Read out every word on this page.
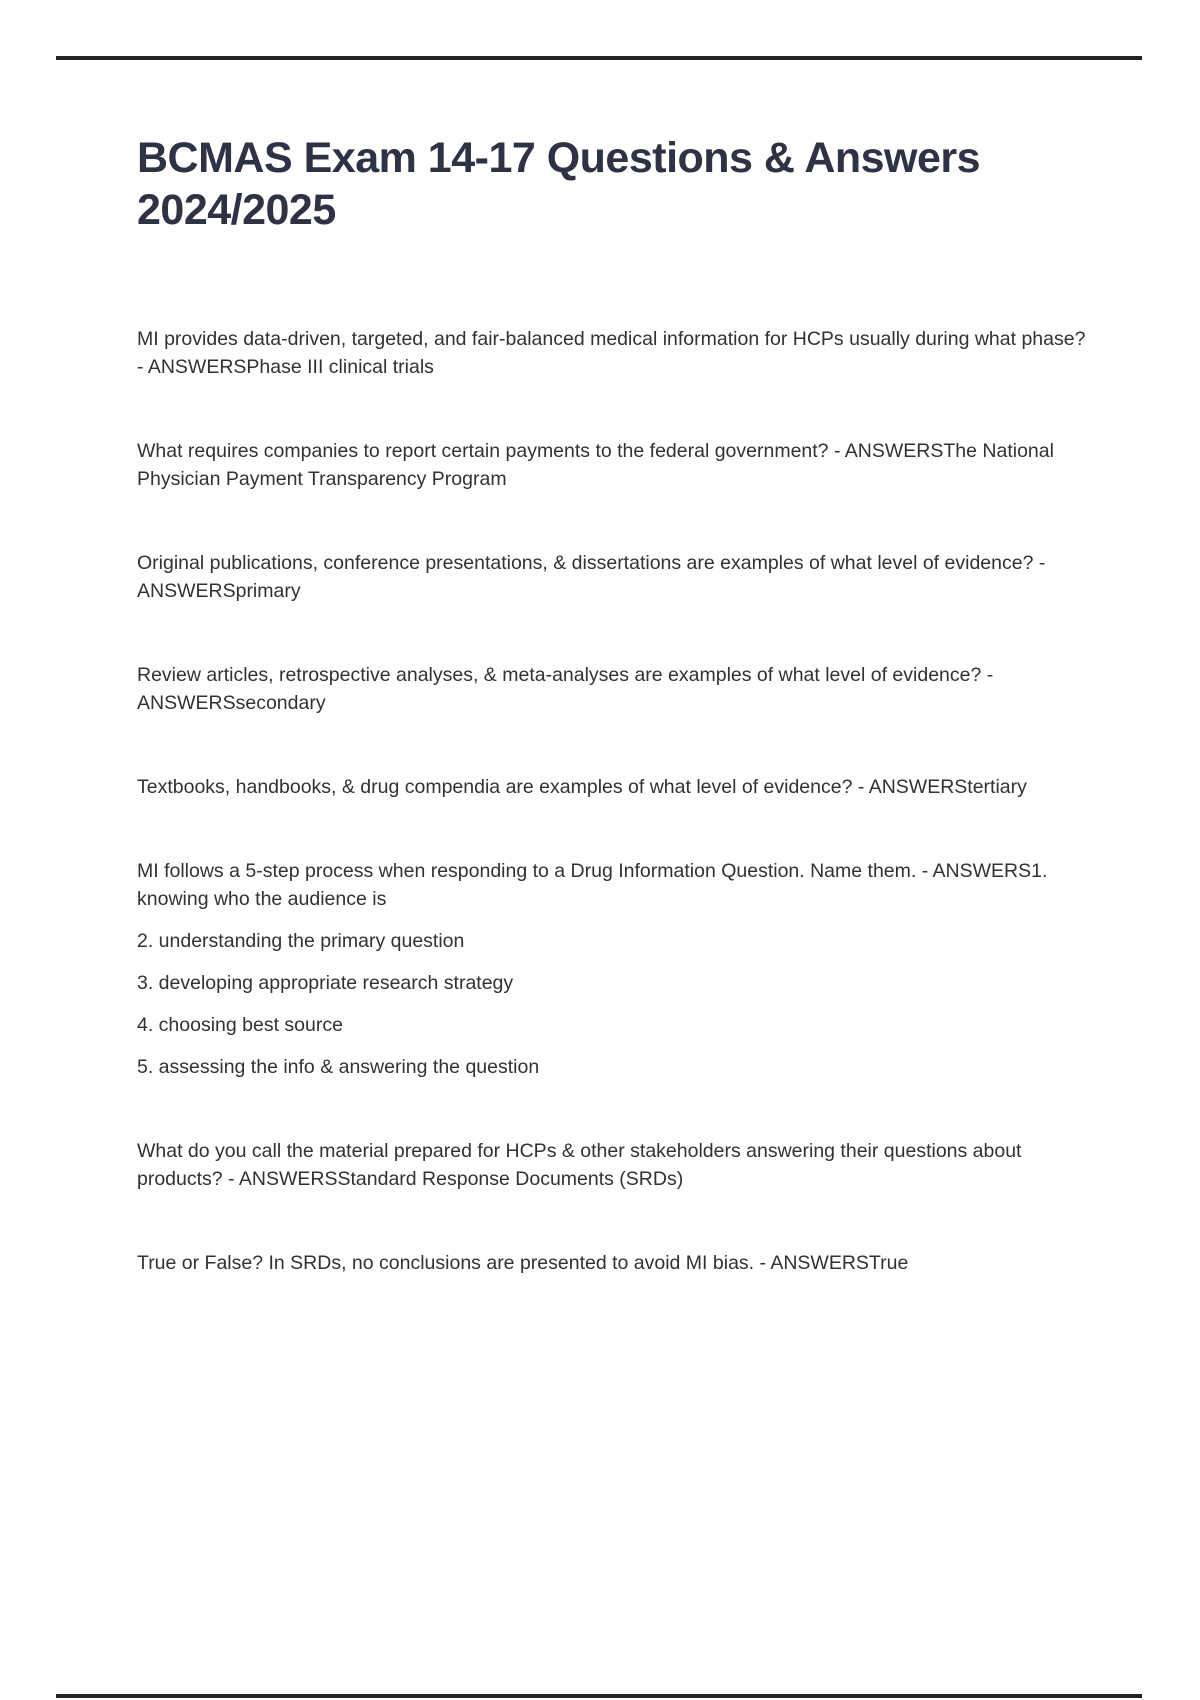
BCMAS Exam 14-17 Questions & Answers 2024/2025

MI provides data-driven, targeted, and fair-balanced medical information for HCPs usually during what phase? - ANSWERSPhase III clinical trials

What requires companies to report certain payments to the federal government? - ANSWERSThe National Physician Payment Transparency Program

Original publications, conference presentations, & dissertations are examples of what level of evidence? - ANSWERSprimary

Review articles, retrospective analyses, & meta-analyses are examples of what level of evidence? - ANSWERSsecondary

Textbooks, handbooks, & drug compendia are examples of what level of evidence? - ANSWERStertiary

MI follows a 5-step process when responding to a Drug Information Question. Name them. - ANSWERS1. knowing who the audience is

2. understanding the primary question

3. developing appropriate research strategy

4. choosing best source

5. assessing the info & answering the question

What do you call the material prepared for HCPs & other stakeholders answering their questions about products? - ANSWERSStandard Response Documents (SRDs)

True or False? In SRDs, no conclusions are presented to avoid MI bias. - ANSWERSTrue
